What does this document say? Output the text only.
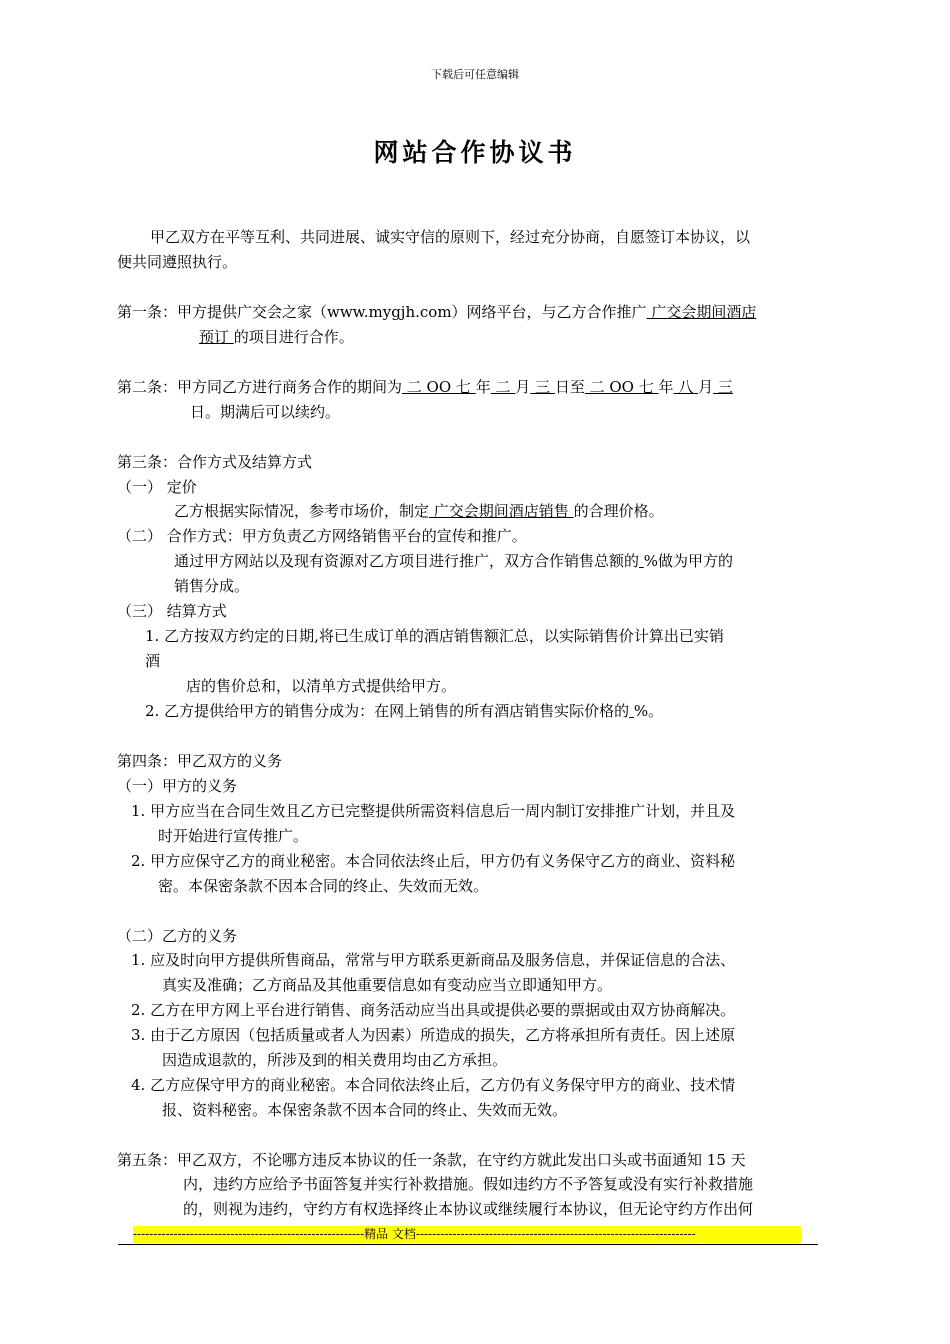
下载后可任意编辑
网站合作协议书
甲乙双方在平等互利、共同进展、诚实守信的原则下，经过充分协商，自愿签订本协议，以
便共同遵照执行。
第一条：甲方提供广交会之家（www.mygjh.com）网络平台，与乙方合作推广 广交会期间酒店
预订 的项目进行合作。
第二条：甲方同乙方进行商务合作的期间为 二 OO 七 年 二 月 三 日至 二 OO 七 年 八 月 三
日。期满后可以续约。
第三条：合作方式及结算方式
（一） 定价
乙方根据实际情况，参考市场价，制定 广交会期间酒店销售 的合理价格。
（二） 合作方式：甲方负责乙方网络销售平台的宣传和推广。
通过甲方网站以及现有资源对乙方项目进行推广，双方合作销售总额的 %做为甲方的
销售分成。
（三） 结算方式
1. 乙方按双方约定的日期,将已生成订单的酒店销售额汇总，以实际销售价计算出已实销
酒
店的售价总和，以清单方式提供给甲方。
2. 乙方提供给甲方的销售分成为：在网上销售的所有酒店销售实际价格的 %。
第四条：甲乙双方的义务
（一）甲方的义务
1. 甲方应当在合同生效且乙方已完整提供所需资料信息后一周内制订安排推广计划，并且及
时开始进行宣传推广。
2. 甲方应保守乙方的商业秘密。本合同依法终止后，甲方仍有义务保守乙方的商业、资料秘
密。本保密条款不因本合同的终止、失效而无效。
（二）乙方的义务
1. 应及时向甲方提供所售商品，常常与甲方联系更新商品及服务信息，并保证信息的合法、
真实及准确；乙方商品及其他重要信息如有变动应当立即通知甲方。
2. 乙方在甲方网上平台进行销售、商务活动应当出具或提供必要的票据或由双方协商解决。
3. 由于乙方原因（包括质量或者人为因素）所造成的损失，乙方将承担所有责任。因上述原
因造成退款的，所涉及到的相关费用均由乙方承担。
4. 乙方应保守甲方的商业秘密。本合同依法终止后，乙方仍有义务保守甲方的商业、技术情
报、资料秘密。本保密条款不因本合同的终止、失效而无效。
第五条：甲乙双方，不论哪方违反本协议的任一条款，在守约方就此发出口头或书面通知 15 天
内，违约方应给予书面答复并实行补救措施。假如违约方不予答复或没有实行补救措施
的，则视为违约，守约方有权选择终止本协议或继续履行本协议，但无论守约方作出何
---------------------------------------------------------精品 文档---------------------------------------------------------------------
